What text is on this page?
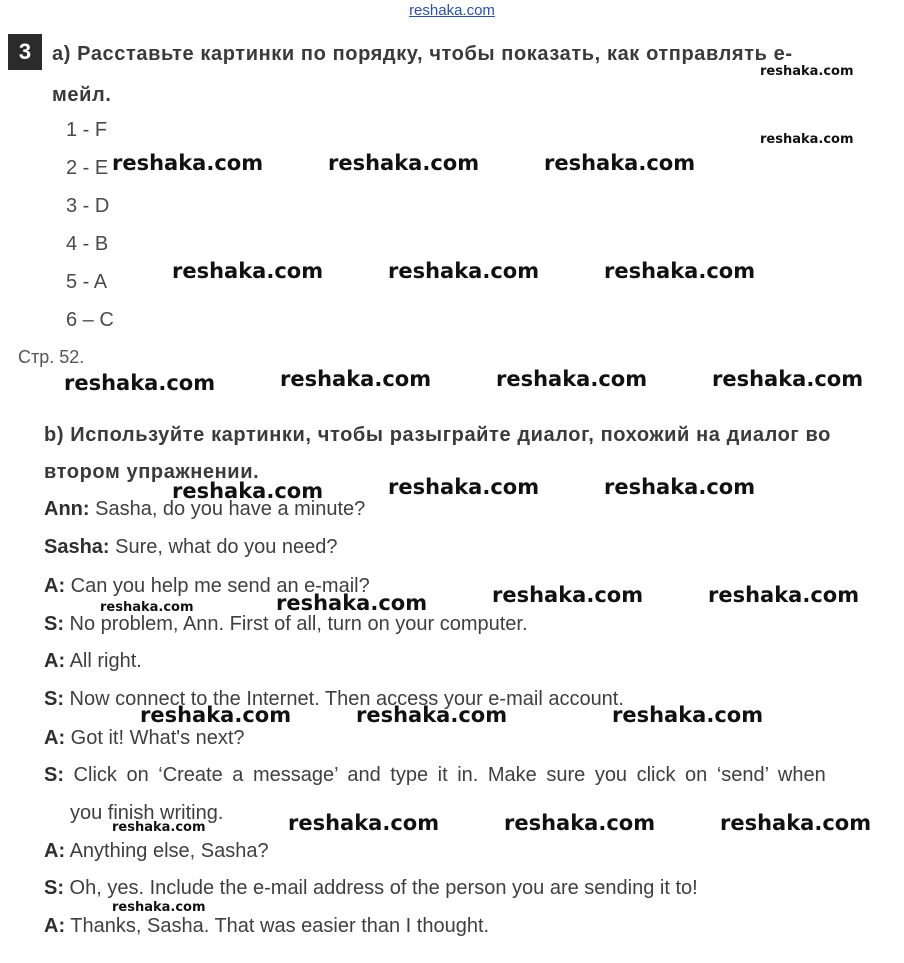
reshaka.com
3	a) Расставьте картинки по порядку, чтобы показать, как отправлять е-
мейл.
1 - F
2 - E
3 - D
4 - B
5 - A
6 – C
Стр. 52.
b) Используйте картинки, чтобы разыграйте диалог, похожий на диалог во
втором упражнении.
Ann: Sasha, do you have a minute?
Sasha: Sure, what do you need?
A: Can you help me send an e-mail?
S: No problem, Ann. First of all, turn on your computer.
A: All right.
S: Now connect to the Internet. Then access your e-mail account.
A: Got it! What's next?
S: Click on ‘Create a message’ and type it in. Make sure you click on ‘send’ when
you finish writing.
A: Anything else, Sasha?
S: Oh, yes. Include the e-mail address of the person you are sending it to!
A: Thanks, Sasha. That was easier than I thought.
reshaka.com	reshaka.com	reshaka.com
reshaka.com	reshaka.com	reshaka.com
reshaka.com	reshaka.com	reshaka.com	reshaka.com
reshaka.com	reshaka.com	reshaka.com
reshaka.com	reshaka.com	reshaka.com
reshaka.com	reshaka.com	reshaka.com
reshaka.com	reshaka.com	reshaka.com
reshaka.com
reshaka.com
reshaka.com
reshaka.com
reshaka.com
